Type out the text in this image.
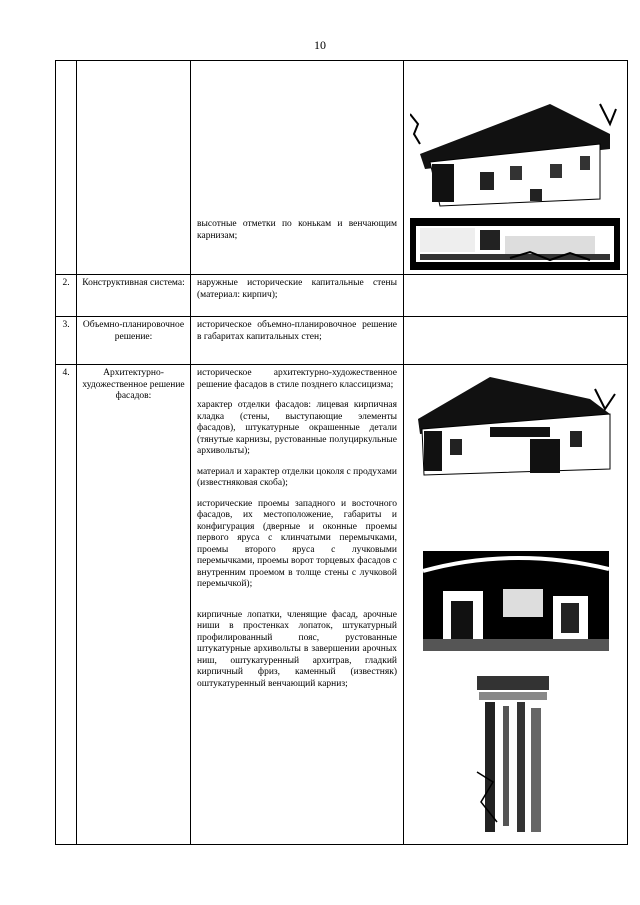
10

		высотные отметки по конькам и венчающим карнизам;

2.	Конструктивная система:	наружные исторические капитальные стены (материал: кирпич);	

3.	Объемно-планировочное решение:	историческое объемно-планировочное решение в габаритах капитальных стен;	

4.	Архитектурно-художественное решение фасадов:	историческое архитектурно-художественное решение фасадов в стиле позднего классицизма;

характер отделки фасадов: лицевая кирпичная кладка (стены, выступающие элементы фасадов), штукатурные окрашенные детали (тянутые карнизы, рустованные полуциркульные архивольты);

материал и характер отделки цоколя с продухами (известняковая скоба);

исторические проемы западного и восточного фасадов, их местоположение, габариты и конфигурация (дверные и оконные проемы первого яруса с клинчатыми перемычками, проемы второго яруса с лучковыми перемычками, проемы ворот торцевых фасадов с внутренним проемом в толще стены с лучковой перемычкой);

кирпичные лопатки, членящие фасад, арочные ниши в простенках лопаток, штукатурный профилированный пояс, рустованные штукатурные архивольты в завершении арочных ниш, оштукатуренный архитрав, гладкий кирпичный фриз, каменный (известняк) оштукатуренный венчающий карниз;
